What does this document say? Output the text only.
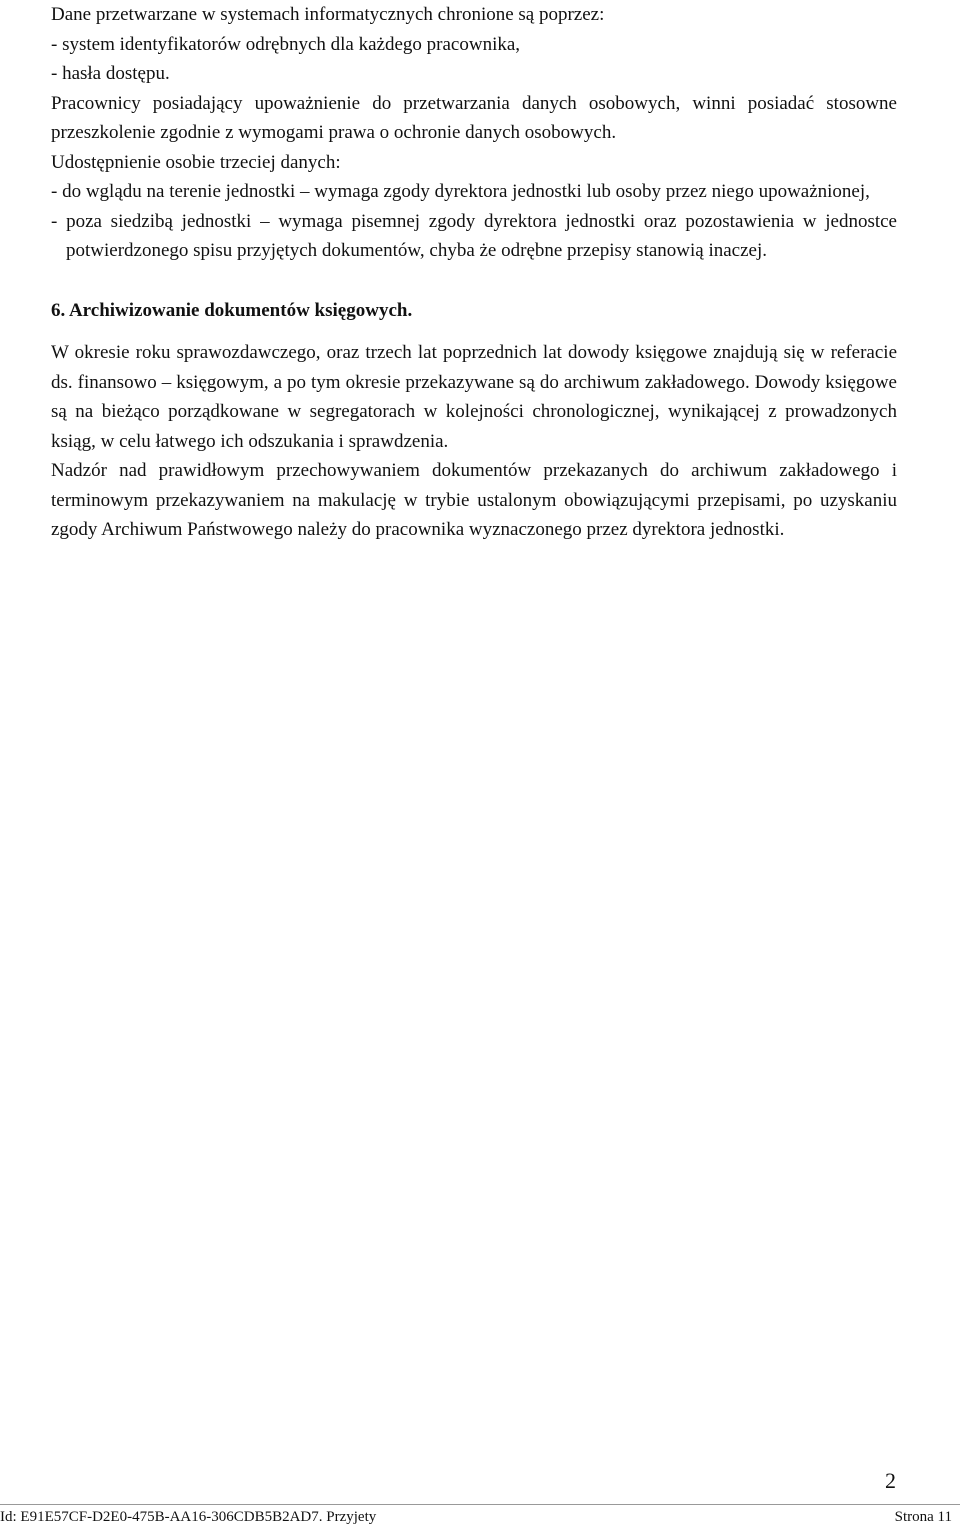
Dane przetwarzane w systemach informatycznych chronione są poprzez:

- system identyfikatorów odrębnych dla każdego pracownika,

- hasła dostępu.

Pracownicy posiadający upoważnienie do przetwarzania danych osobowych, winni posiadać stosowne przeszkolenie zgodnie z wymogami prawa o ochronie danych osobowych.

Udostępnienie osobie trzeciej danych:

- do wglądu na terenie jednostki – wymaga zgody dyrektora jednostki lub osoby przez niego upoważnionej,

- poza siedzibą jednostki – wymaga pisemnej zgody dyrektora jednostki oraz pozostawienia w jednostce potwierdzonego spisu przyjętych dokumentów, chyba że odrębne przepisy stanowią inaczej.

6. Archiwizowanie dokumentów księgowych.

W okresie roku sprawozdawczego, oraz trzech lat poprzednich lat dowody księgowe znajdują się w referacie ds. finansowo – księgowym, a po tym okresie przekazywane są do archiwum zakładowego. Dowody księgowe są na bieżąco porządkowane w segregatorach w kolejności chronologicznej, wynikającej z prowadzonych ksiąg, w celu łatwego ich odszukania i sprawdzenia.

Nadzór nad prawidłowym przechowywaniem dokumentów przekazanych do archiwum zakładowego i terminowym przekazywaniem na makulację w trybie ustalonym obowiązującymi przepisami, po uzyskaniu zgody Archiwum Państwowego należy do pracownika wyznaczonego przez dyrektora jednostki.

2
Id: E91E57CF-D2E0-475B-AA16-306CDB5B2AD7. Przyjety	Strona 11
